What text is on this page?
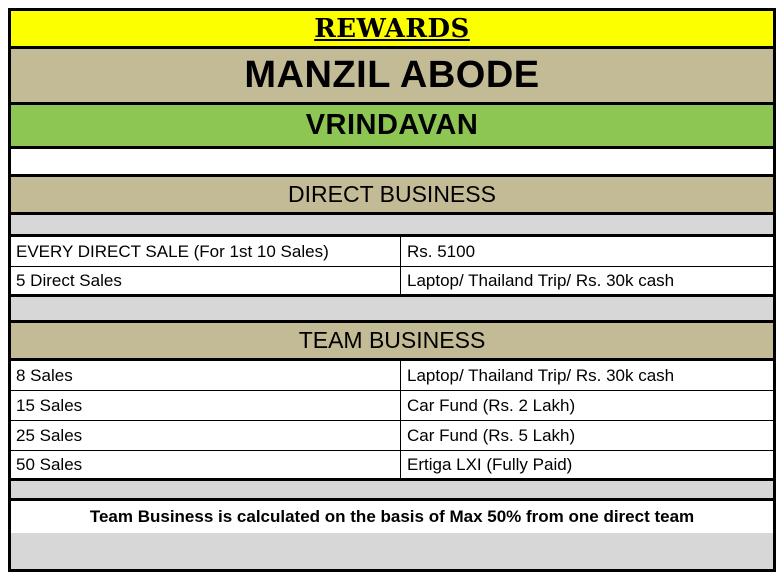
REWARDS
MANZIL ABODE
VRINDAVAN
DIRECT BUSINESS
EVERY DIRECT SALE (For 1st 10 Sales)	Rs. 5100
5 Direct Sales	Laptop/ Thailand Trip/ Rs. 30k cash
TEAM BUSINESS
8 Sales	Laptop/ Thailand Trip/ Rs. 30k cash
15 Sales	Car Fund (Rs. 2 Lakh)
25 Sales	Car Fund (Rs. 5 Lakh)
50 Sales	Ertiga LXI (Fully Paid)
Team Business is calculated on the basis of Max 50% from one direct team
